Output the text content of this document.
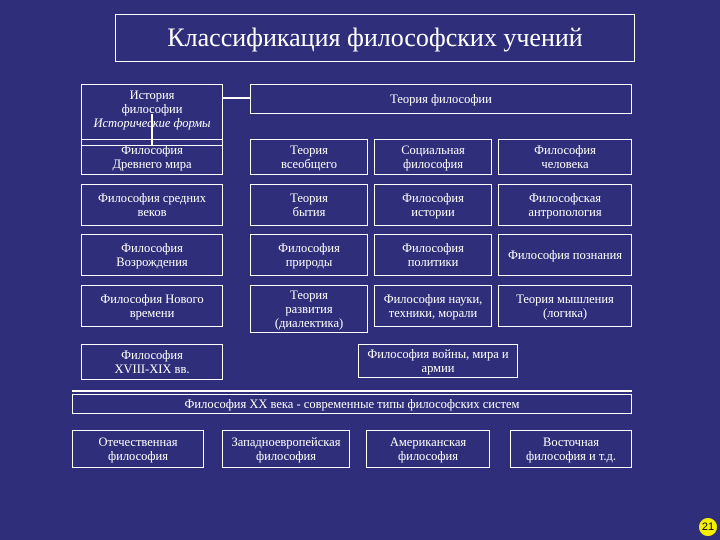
Классификация философских учений
История
философии
Исторические формы
Философия
Древнего мира
Философия средних
веков
Философия
Возрождения
Философия Нового
времени
Философия
XVIII-XIX вв.
Теория философии
Теория
всеобщего
Социальная
философия
Философия
человека
Теория
бытия
Философия
истории
Философская
антропология
Философия
природы
Философия
политики	Философия познания
Теория
развития
(диалектика)
Философия науки,
техники, морали
Теория мышления
(логика)
Философия войны, мира и
армии
Философия XX века - современные типы философских систем
Отечественная
философия
Западноевропейская
философия
Американская
философия
Восточная
философия и т.д.
21
